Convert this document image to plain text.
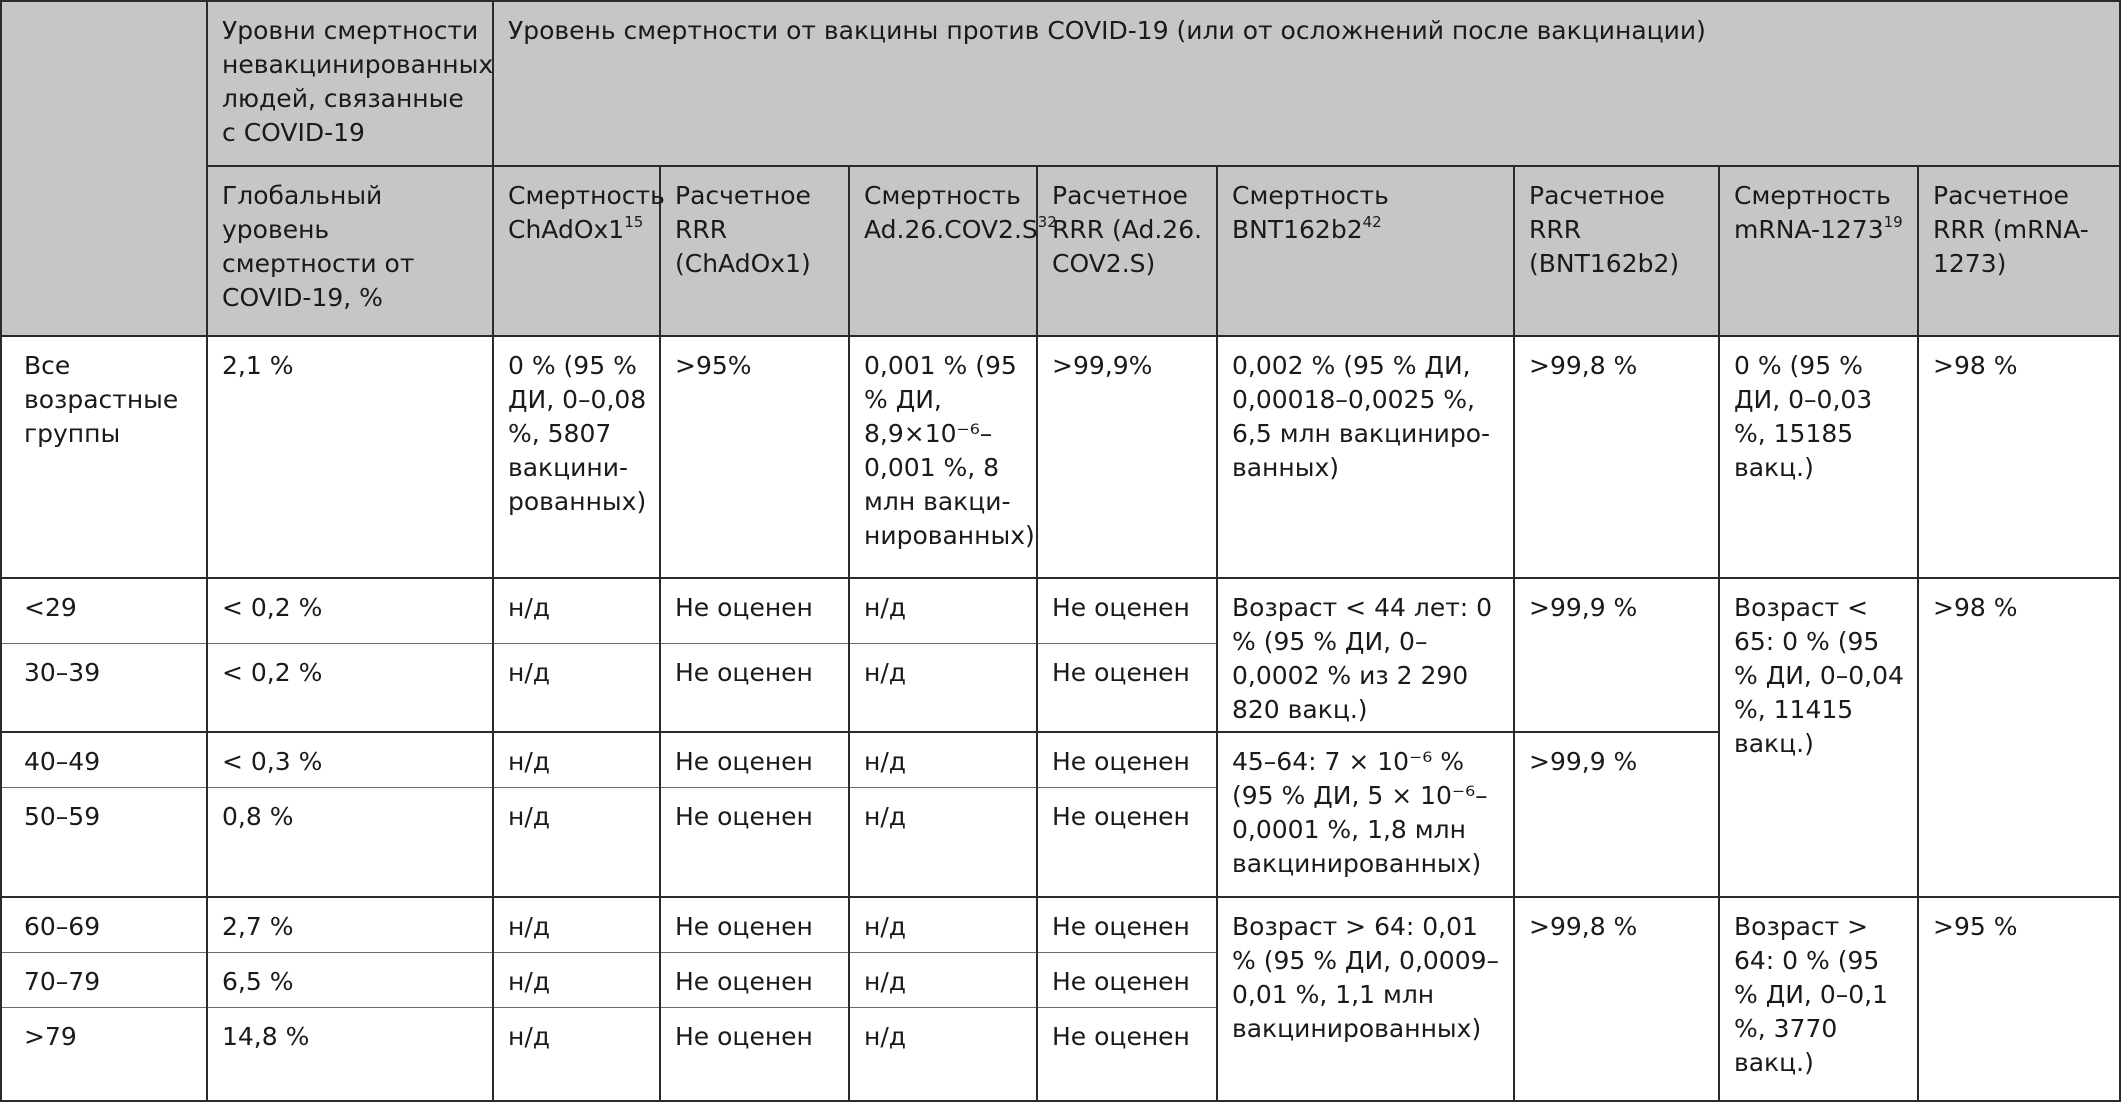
	Уровни смертности невакцинированных людей, связанные с COVID-19	Уровень смертности от вакцины против COVID-19 (или от осложнений после вакцинации)							
	Глобальный уровень смертности от COVID-19, %	Смертность $ChAdOx1^{15}$	Расчетное RRR (ChAdOx1)	Смертность $Ad.26.COV2.S^{32}$	Расчетное RRR (Ad.26. COV2.S)	Смертность $BNT162b2^{42}$	Расчетное RRR (BNT162b2)	Смертность mRNA-1273$^{19}$	Расчетное RRR (mRNA-1273)
Все возрастные группы	2,1 %	0 % (95 % ДИ, 0–0,08 %, 5807 вакцини- рованных)	>95%	0,001 % (95 % ДИ, 8,9×10⁻⁶– 0,001 %, 8 млн вакци- нированных)	>99,9%	0,002 % (95 % ДИ, 0,00018–0,0025 %, 6,5 млн вакциниро- ванных)	>99,8 %	0 % (95 % ДИ, 0–0,03 %, 15185 вакц.)	>98 %
<29	< 0,2 %	н/д	Не оценен	н/д	Не оценен	Возраст < 44 лет: 0 % (95 % ДИ, 0–0,0002 % из 2 290 820 вакц.)	>99,9 %	Возраст < 65: 0 % (95 % ДИ, 0–0,04 %, 11415 вакц.)	>98 %
30–39	< 0,2 %	н/д	Не оценен	н/д	Не оценен				
40–49	< 0,3 %	н/д	Не оценен	н/д	Не оценен	45–64: 7 × 10⁻⁶ % (95 % ДИ, 5 × 10⁻⁶– 0,0001 %, 1,8 млн вакцинированных)	>99,9 %		
50–59	0,8 %	н/д	Не оценен	н/д	Не оценен				
60–69	2,7 %	н/д	Не оценен	н/д	Не оценен	Возраст > 64: 0,01 % (95 % ДИ, 0,0009– 0,01 %, 1,1 млн вакцинированных)	>99,8 %	Возраст > 64: 0 % (95 % ДИ, 0–0,1 %, 3770 вакц.)	>95 %
70–79	6,5 %	н/д	Не оценен	н/д	Не оценен				
>79	14,8 %	н/д	Не оценен	н/д	Не оценен				
